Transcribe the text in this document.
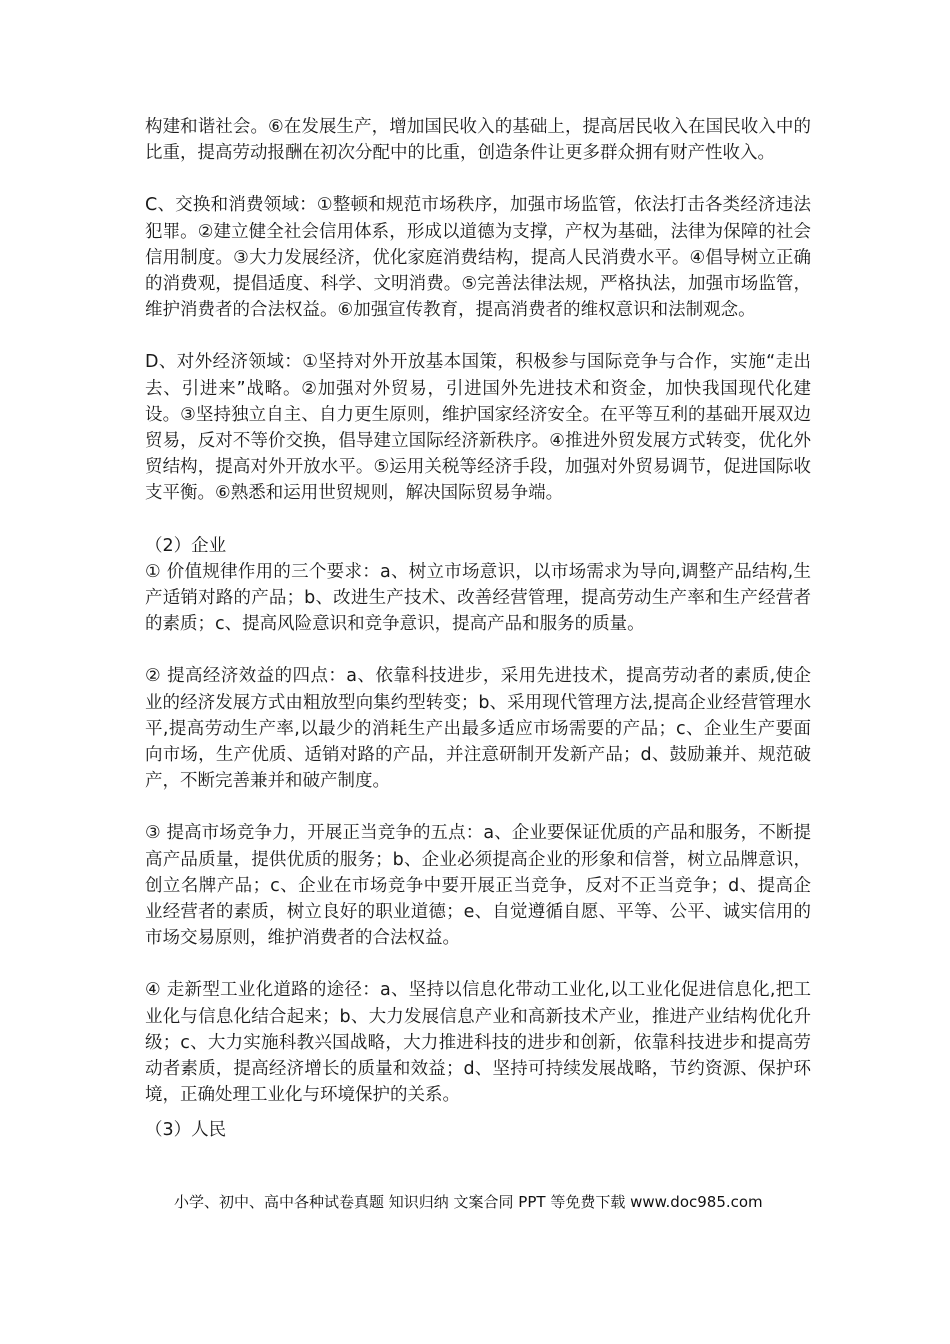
构建和谐社会。⑥在发展生产，增加国民收入的基础上，提高居民收入在国民收入中的比重，提高劳动报酬在初次分配中的比重，创造条件让更多群众拥有财产性收入。

C、交换和消费领域：①整顿和规范市场秩序，加强市场监管，依法打击各类经济违法犯罪。②建立健全社会信用体系，形成以道德为支撑，产权为基础，法律为保障的社会信用制度。③大力发展经济，优化家庭消费结构，提高人民消费水平。④倡导树立正确的消费观，提倡适度、科学、文明消费。⑤完善法律法规，严格执法，加强市场监管，维护消费者的合法权益。⑥加强宣传教育，提高消费者的维权意识和法制观念。

D、对外经济领域：①坚持对外开放基本国策，积极参与国际竞争与合作，实施“走出去、引进来”战略。②加强对外贸易，引进国外先进技术和资金，加快我国现代化建设。③坚持独立自主、自力更生原则，维护国家经济安全。在平等互利的基础开展双边贸易，反对不等价交换，倡导建立国际经济新秩序。④推进外贸发展方式转变，优化外贸结构，提高对外开放水平。⑤运用关税等经济手段，加强对外贸易调节，促进国际收支平衡。⑥熟悉和运用世贸规则，解决国际贸易争端。

（2）企业

① 价值规律作用的三个要求：a、树立市场意识，以市场需求为导向,调整产品结构,生产适销对路的产品；b、改进生产技术、改善经营管理，提高劳动生产率和生产经营者的素质；c、提高风险意识和竞争意识，提高产品和服务的质量。

② 提高经济效益的四点：a、依靠科技进步，采用先进技术，提高劳动者的素质,使企业的经济发展方式由粗放型向集约型转变；b、采用现代管理方法,提高企业经营管理水平,提高劳动生产率,以最少的消耗生产出最多适应市场需要的产品；c、企业生产要面向市场，生产优质、适销对路的产品，并注意研制开发新产品；d、鼓励兼并、规范破产，不断完善兼并和破产制度。

③ 提高市场竞争力，开展正当竞争的五点：a、企业要保证优质的产品和服务，不断提高产品质量，提供优质的服务；b、企业必须提高企业的形象和信誉，树立品牌意识，创立名牌产品；c、企业在市场竞争中要开展正当竞争，反对不正当竞争；d、提高企业经营者的素质，树立良好的职业道德；e、自觉遵循自愿、平等、公平、诚实信用的市场交易原则，维护消费者的合法权益。

④ 走新型工业化道路的途径：a、坚持以信息化带动工业化,以工业化促进信息化,把工业化与信息化结合起来；b、大力发展信息产业和高新技术产业，推进产业结构优化升级；c、大力实施科教兴国战略，大力推进科技的进步和创新，依靠科技进步和提高劳动者素质，提高经济增长的质量和效益；d、坚持可持续发展战略，节约资源、保护环境，正确处理工业化与环境保护的关系。

（3）人民

小学、初中、高中各种试卷真题 知识归纳 文案合同 PPT 等免费下载 www.doc985.com
